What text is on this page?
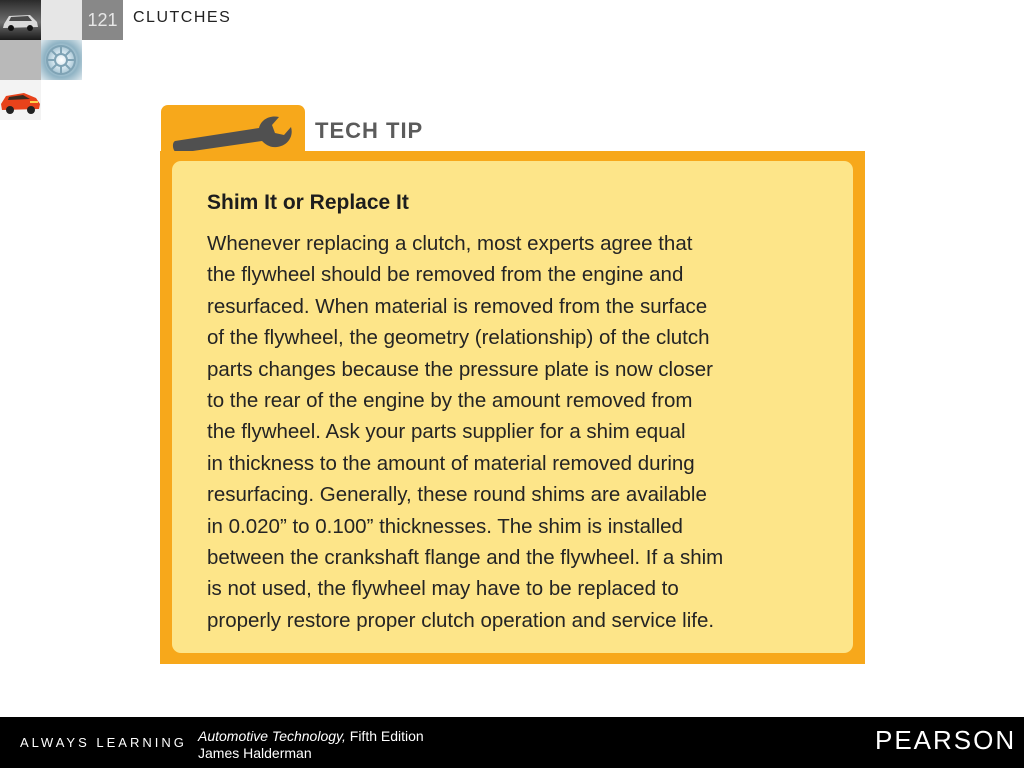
121 CLUTCHES
TECH TIP
Shim It or Replace It
Whenever replacing a clutch, most experts agree that
the flywheel should be removed from the engine and
resurfaced. When material is removed from the surface
of the flywheel, the geometry (relationship) of the clutch
parts changes because the pressure plate is now closer
to the rear of the engine by the amount removed from
the flywheel. Ask your parts supplier for a shim equal
in thickness to the amount of material removed during
resurfacing. Generally, these round shims are available
in 0.020” to 0.100” thicknesses. The shim is installed
between the crankshaft flange and the flywheel. If a shim
is not used, the flywheel may have to be replaced to
properly restore proper clutch operation and service life.
ALWAYS LEARNING Automotive Technology, Fifth Edition
James Halderman	PEARSON
